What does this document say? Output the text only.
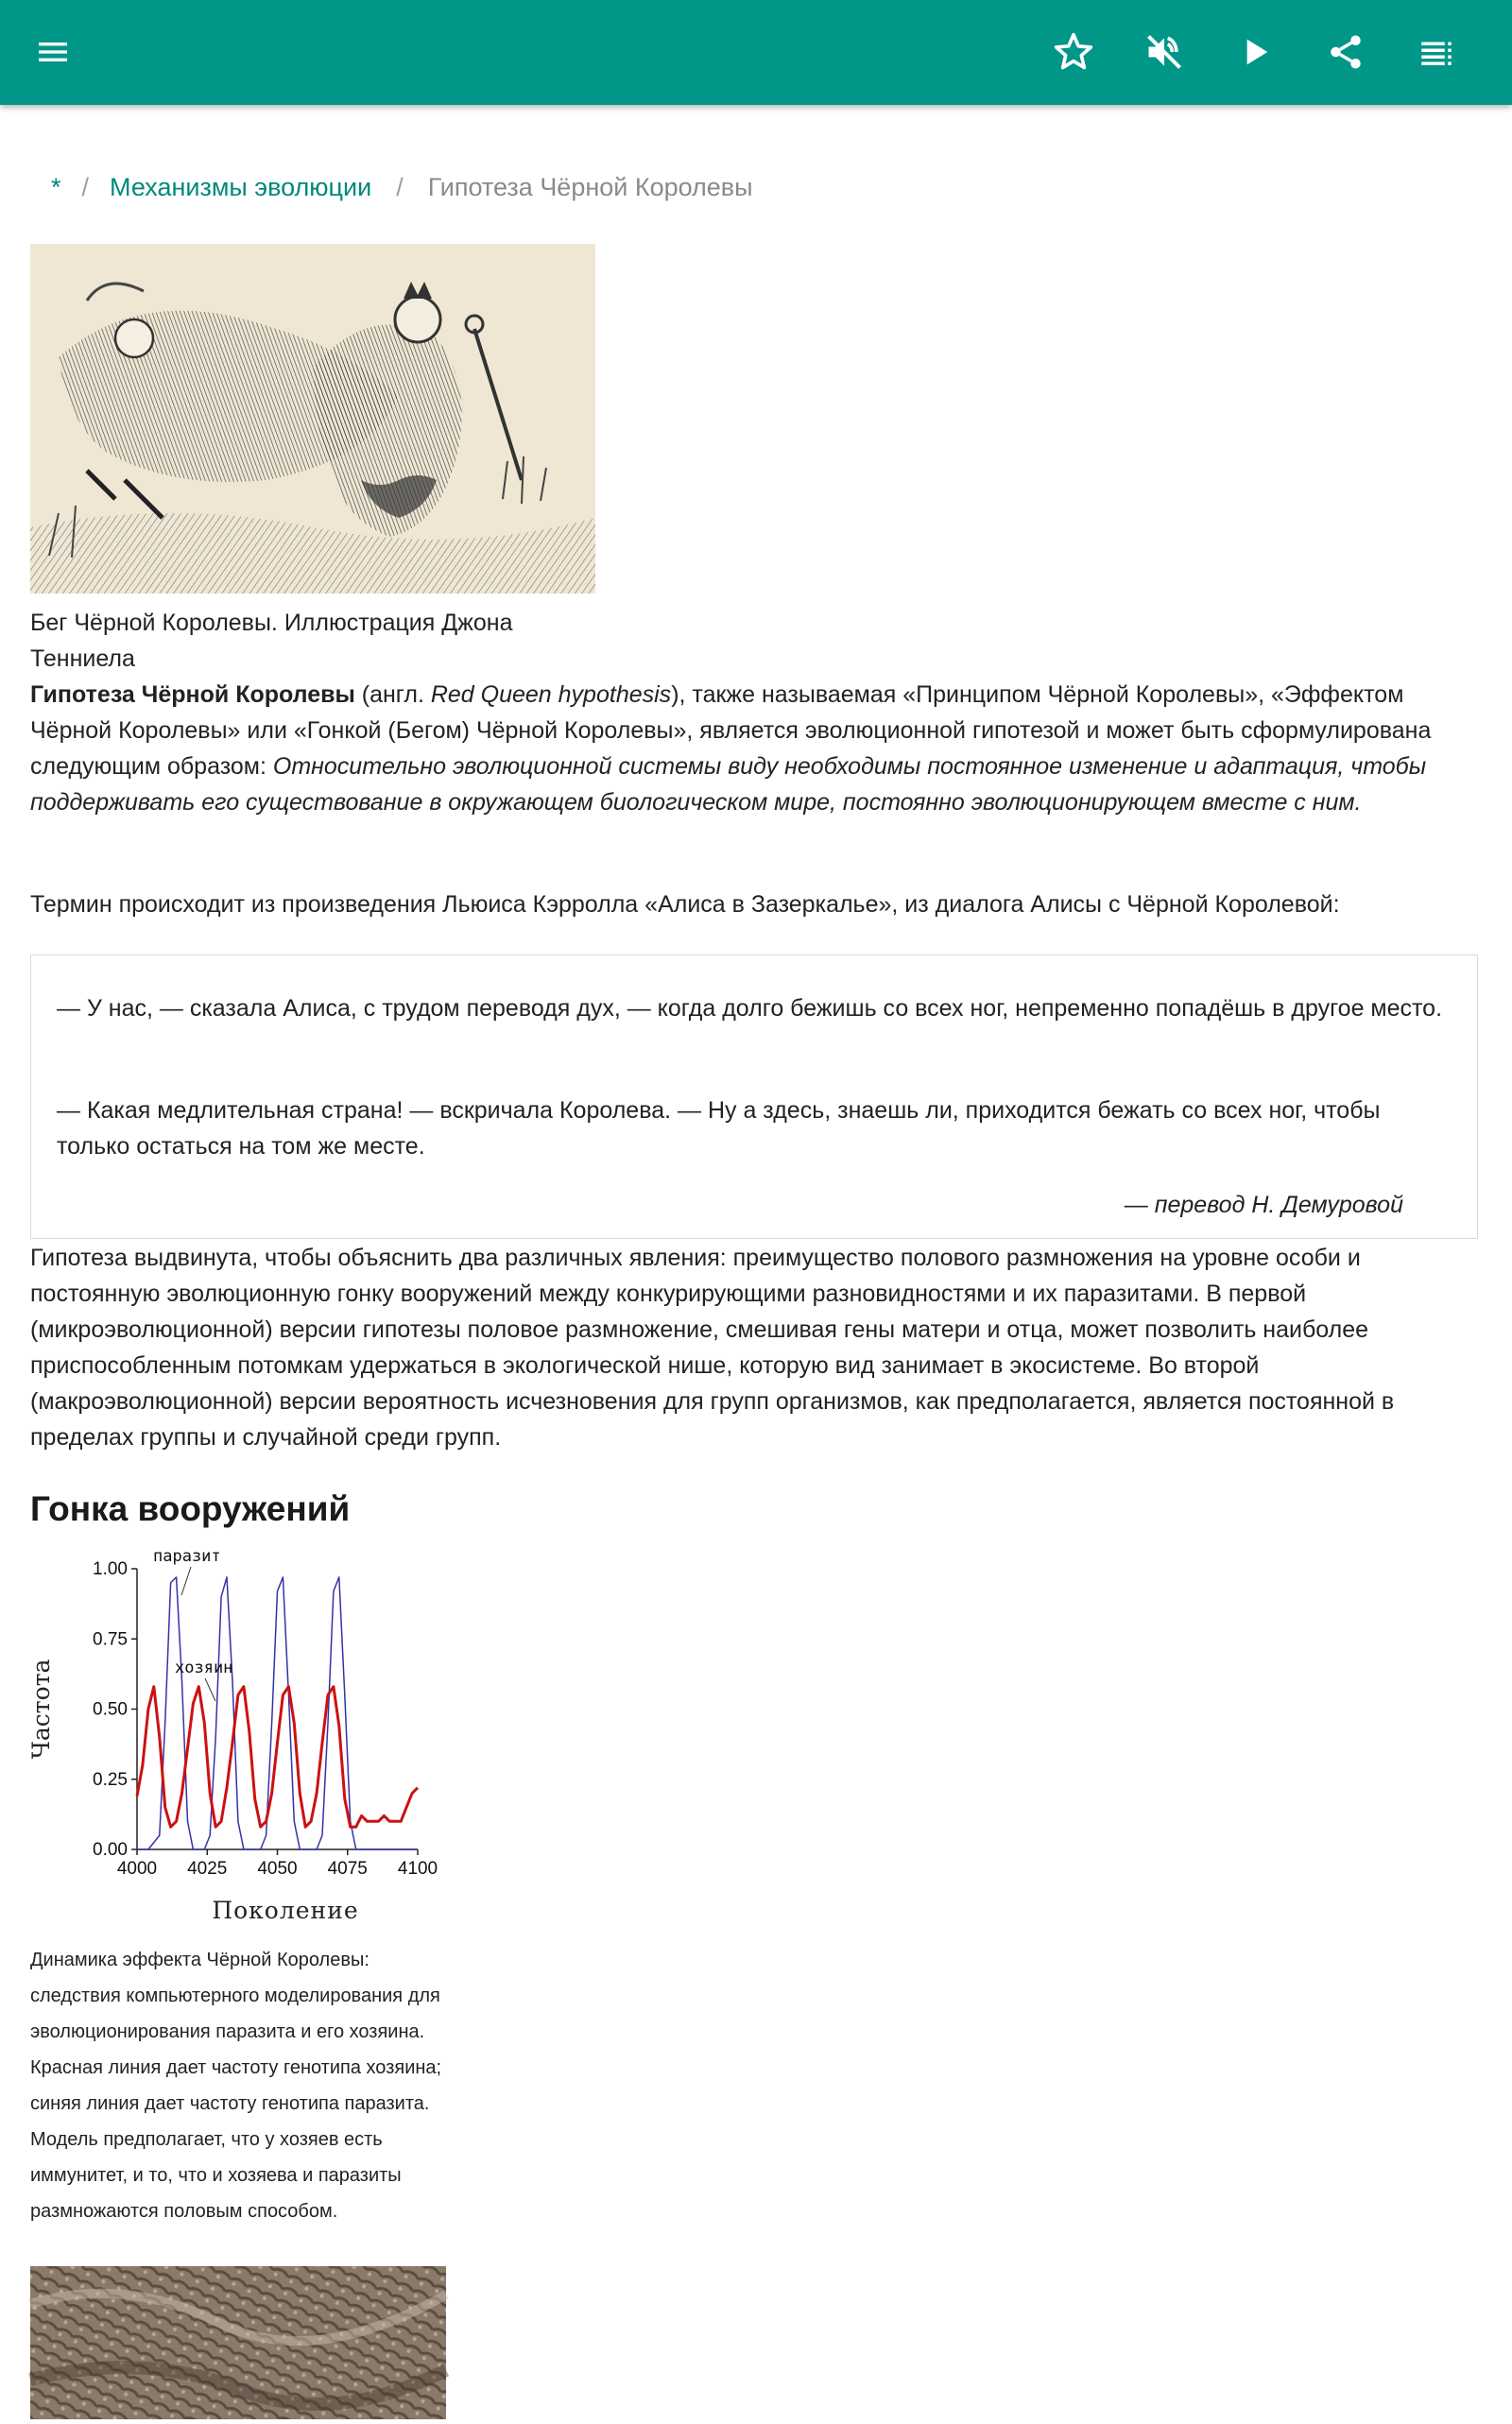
* / Механизмы эволюции / Гипотеза Чёрной Королевы
Бег Чёрной Королевы. Иллюстрация Джона Тенниела
Гипотеза Чёрной Королевы (англ. Red Queen hypothesis), также называемая «Принципом Чёрной Королевы», «Эффектом Чёрной Королевы» или «Гонкой (Бегом) Чёрной Королевы», является эволюционной гипотезой и может быть сформулирована следующим образом: Относительно эволюционной системы виду необходимы постоянное изменение и адаптация, чтобы поддерживать его существование в окружающем биологическом мире, постоянно эволюционирующем вместе с ним.
Термин происходит из произведения Льюиса Кэрролла «Алиса в Зазеркалье», из диалога Алисы с Чёрной Королевой:
— У нас, — сказала Алиса, с трудом переводя дух, — когда долго бежишь со всех ног, непременно попадёшь в другое место.
— Какая медлительная страна! — вскричала Королева. — Ну а здесь, знаешь ли, приходится бежать со всех ног, чтобы только остаться на том же месте.
— перевод Н. Демуровой
Гипотеза выдвинута, чтобы объяснить два различных явления: преимущество полового размножения на уровне особи и постоянную эволюционную гонку вооружений между конкурирующими разновидностями и их паразитами. В первой (микроэволюционной) версии гипотезы половое размножение, смешивая гены матери и отца, может позволить наиболее приспособленным потомкам удержаться в экологической нише, которую вид занимает в экосистеме. Во второй (макроэволюционной) версии вероятность исчезновения для групп организмов, как предполагается, является постоянной в пределах группы и случайной среди групп.
Гонка вооружений
0.00
0.25
0.50
0.75
1.00
4000 4025 4050 4075 4100
Поколение
Частота
паразит
хозяин
Динамика эффекта Чёрной Королевы: следствия компьютерного моделирования для эволюционирования паразита и его хозяина. Красная линия дает частоту генотипа хозяина; синяя линия дает частоту генотипа паразита. Модель предполагает, что у хозяев есть иммунитет, и то, что и хозяева и паразиты размножаются половым способом.
